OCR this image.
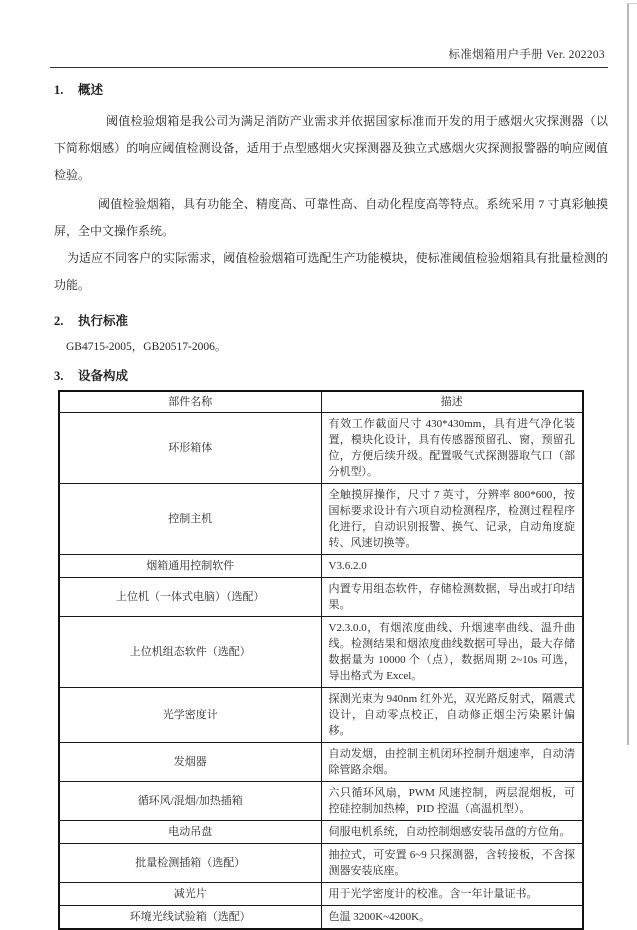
标准烟箱用户手册 Ver. 202203
1. 概述

阈值检验烟箱是我公司为满足消防产业需求并依据国家标准而开发的用于感烟火灾探测器（以下简称烟感）的响应阈值检测设备，适用于点型感烟火灾探测器及独立式感烟火灾探测报警器的响应阈值检验。

阈值检验烟箱，具有功能全、精度高、可靠性高、自动化程度高等特点。系统采用 7 寸真彩触摸屏，全中文操作系统。

为适应不同客户的实际需求，阈值检验烟箱可选配生产功能模块，使标准阈值检验烟箱具有批量检测的功能。

2. 执行标准

GB4715-2005，GB20517-2006。

3. 设备构成
部件名称	描述
环形箱体	有效工作截面尺寸 430*430mm，具有进气净化装置，模块化设计，具有传感器预留孔、窗，预留孔位，方便后续升级。配置吸气式探测器取气口（部分机型）。
控制主机	全触摸屏操作，尺寸 7 英寸，分辨率 800*600，按国标要求设计有六项自动检测程序，检测过程程序化进行，自动识别报警、换气、记录，自动角度旋转、风速切换等。
烟箱通用控制软件	V3.6.2.0
上位机（一体式电脑）（选配）	内置专用组态软件，存储检测数据，导出或打印结果。
上位机组态软件（选配）	V2.3.0.0，有烟浓度曲线、升烟速率曲线、温升曲线。检测结果和烟浓度曲线数据可导出，最大存储数据量为 10000 个（点），数据周期 2~10s 可选，导出格式为 Excel。
光学密度计	探测光束为 940nm 红外光，双光路反射式，隔震式设计，自动零点校正，自动修正烟尘污染累计偏移。
发烟器	自动发烟，由控制主机闭环控制升烟速率，自动清除管路余烟。
循环风/混烟/加热插箱	六只循环风扇，PWM 风速控制，两层混烟板，可控硅控制加热棒，PID 控温（高温机型）。
电动吊盘	伺服电机系统，自动控制烟感安装吊盘的方位角。
批量检测插箱（选配）	抽拉式，可安置 6~9 只探测器，含转接板，不含探测器安装底座。
减光片	用于光学密度计的校准。含一年计量证书。
环境光线试验箱（选配）	色温 3200K~4200K。
